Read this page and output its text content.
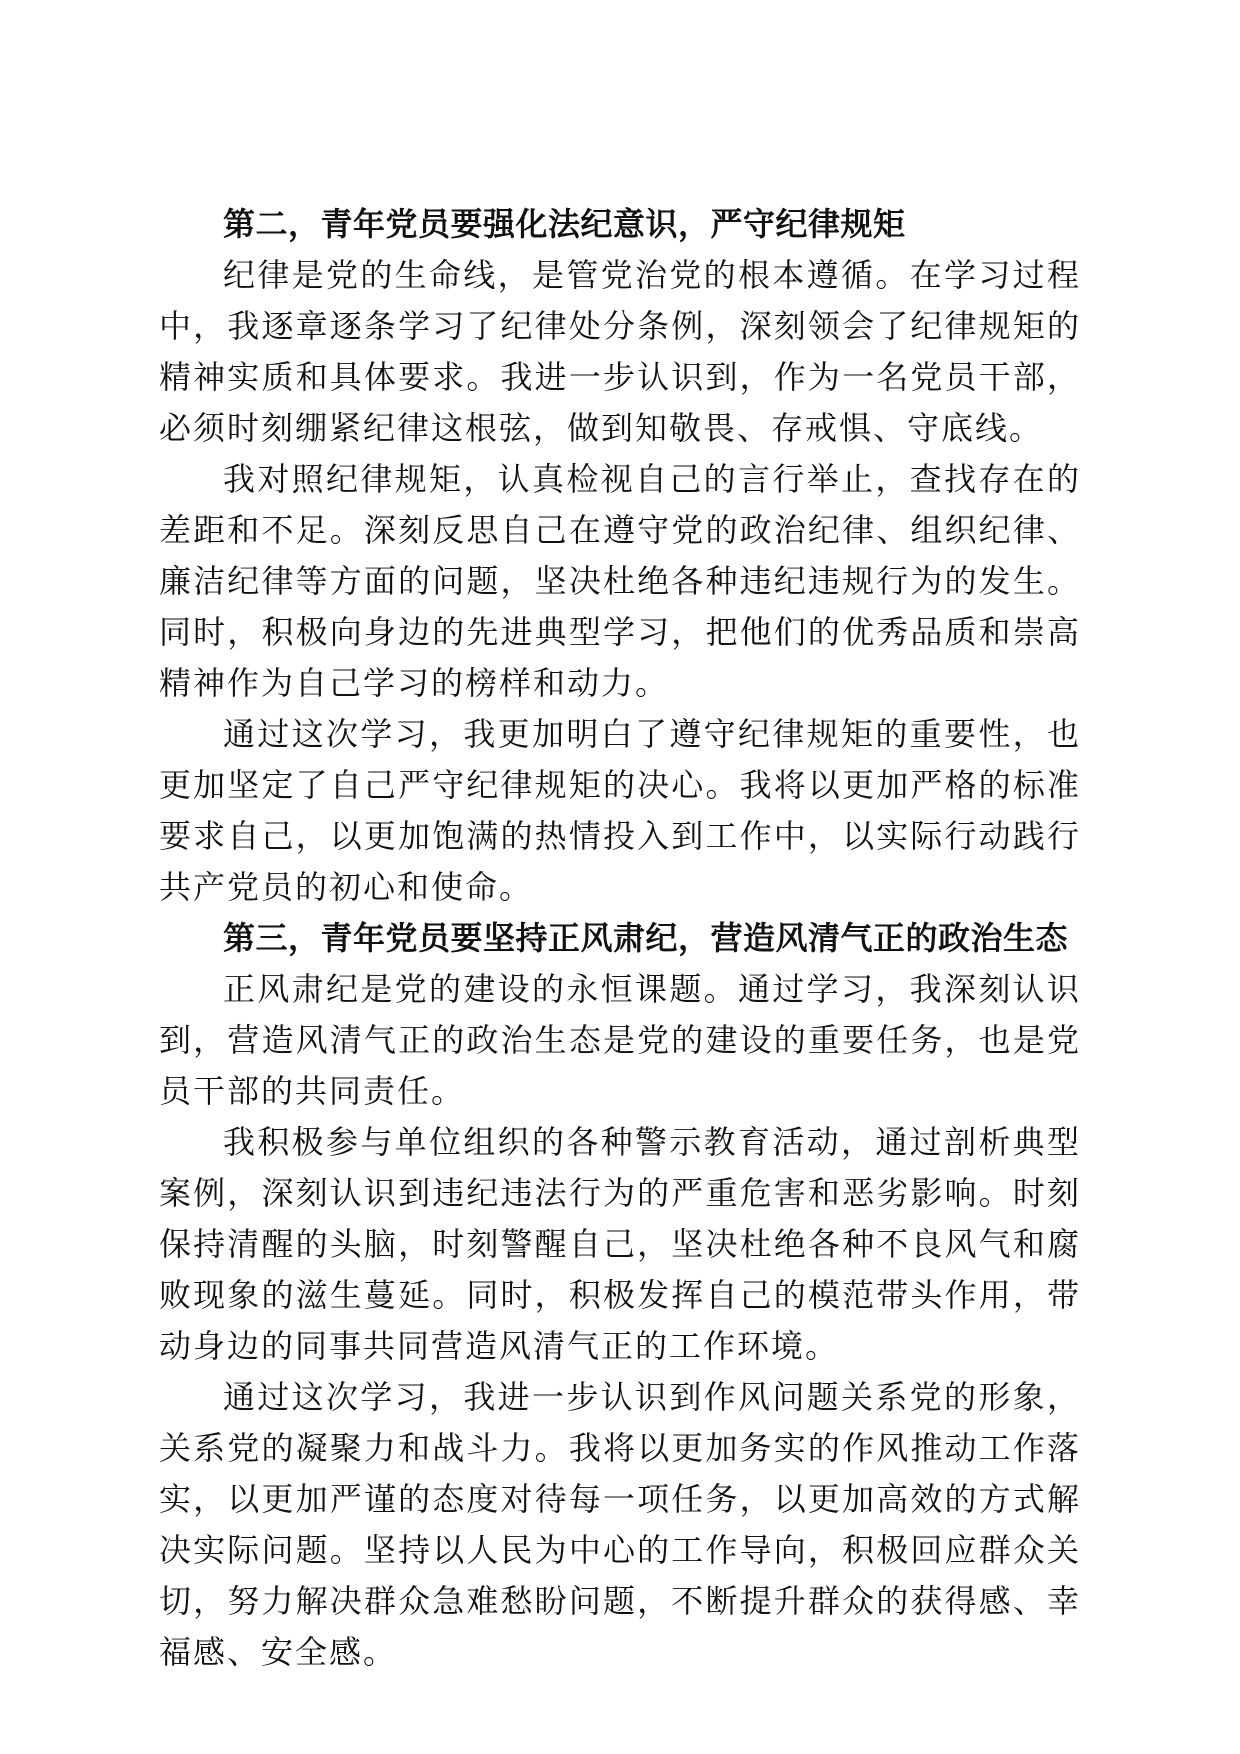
第二，青年党员要强化法纪意识，严守纪律规矩

纪律是党的生命线，是管党治党的根本遵循。在学习过程中，我逐章逐条学习了纪律处分条例，深刻领会了纪律规矩的精神实质和具体要求。我进一步认识到，作为一名党员干部，必须时刻绷紧纪律这根弦，做到知敬畏、存戒惧、守底线。

我对照纪律规矩，认真检视自己的言行举止，查找存在的差距和不足。深刻反思自己在遵守党的政治纪律、组织纪律、廉洁纪律等方面的问题，坚决杜绝各种违纪违规行为的发生。同时，积极向身边的先进典型学习，把他们的优秀品质和崇高精神作为自己学习的榜样和动力。

通过这次学习，我更加明白了遵守纪律规矩的重要性，也更加坚定了自己严守纪律规矩的决心。我将以更加严格的标准要求自己，以更加饱满的热情投入到工作中，以实际行动践行共产党员的初心和使命。

第三，青年党员要坚持正风肃纪，营造风清气正的政治生态

正风肃纪是党的建设的永恒课题。通过学习，我深刻认识到，营造风清气正的政治生态是党的建设的重要任务，也是党员干部的共同责任。

我积极参与单位组织的各种警示教育活动，通过剖析典型案例，深刻认识到违纪违法行为的严重危害和恶劣影响。时刻保持清醒的头脑，时刻警醒自己，坚决杜绝各种不良风气和腐败现象的滋生蔓延。同时，积极发挥自己的模范带头作用，带动身边的同事共同营造风清气正的工作环境。

通过这次学习，我进一步认识到作风问题关系党的形象，关系党的凝聚力和战斗力。我将以更加务实的作风推动工作落实，以更加严谨的态度对待每一项任务，以更加高效的方式解决实际问题。坚持以人民为中心的工作导向，积极回应群众关切，努力解决群众急难愁盼问题，不断提升群众的获得感、幸福感、安全感。
